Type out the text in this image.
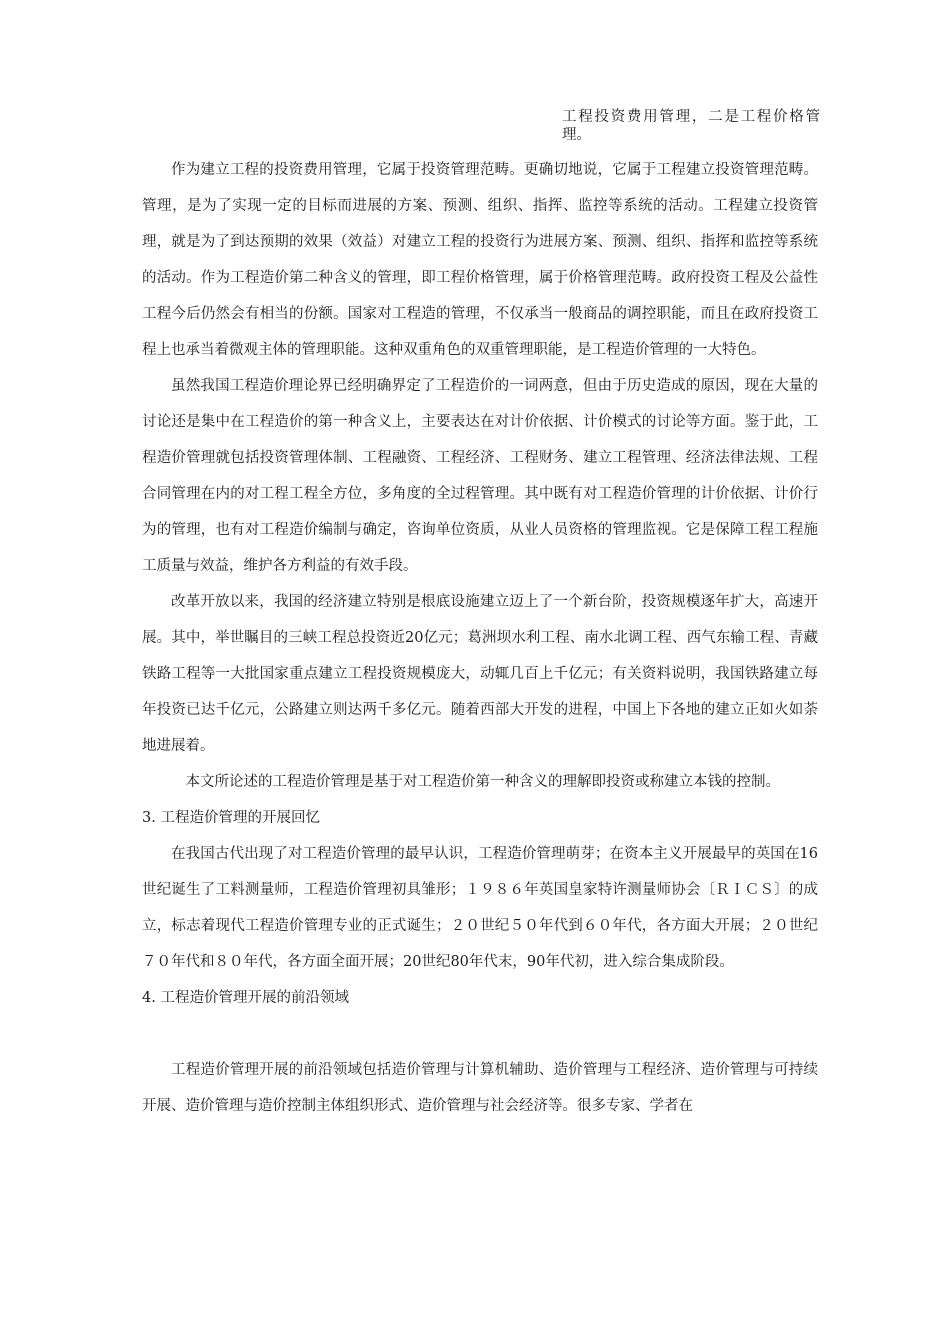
工程投资费用管理，二是工程价格管理。

作为建立工程的投资费用管理，它属于投资管理范畴。更确切地说，它属于工程建立投资管理范畴。管理，是为了实现一定的目标而进展的方案、预测、组织、指挥、监控等系统的活动。工程建立投资管理，就是为了到达预期的效果（效益）对建立工程的投资行为进展方案、预测、组织、指挥和监控等系统的活动。作为工程造价第二种含义的管理，即工程价格管理，属于价格管理范畴。政府投资工程及公益性工程今后仍然会有相当的份额。国家对工程造的管理，不仅承当一般商品的调控职能，而且在政府投资工程上也承当着微观主体的管理职能。这种双重角色的双重管理职能，是工程造价管理的一大特色。

虽然我国工程造价理论界已经明确界定了工程造价的一词两意，但由于历史造成的原因，现在大量的讨论还是集中在工程造价的第一种含义上，主要表达在对计价依据、计价模式的讨论等方面。鉴于此，工程造价管理就包括投资管理体制、工程融资、工程经济、工程财务、建立工程管理、经济法律法规、工程合同管理在内的对工程工程全方位，多角度的全过程管理。其中既有对工程造价管理的计价依据、计价行为的管理，也有对工程造价编制与确定，咨询单位资质，从业人员资格的管理监视。它是保障工程工程施工质量与效益，维护各方利益的有效手段。

改革开放以来，我国的经济建立特别是根底设施建立迈上了一个新台阶，投资规模逐年扩大，高速开展。其中，举世瞩目的三峡工程总投资近20亿元；葛洲坝水利工程、南水北调工程、西气东输工程、青藏铁路工程等一大批国家重点建立工程投资规模庞大，动辄几百上千亿元；有关资料说明，我国铁路建立每年投资已达千亿元，公路建立则达两千多亿元。随着西部大开发的进程，中国上下各地的建立正如火如荼地进展着。

本文所论述的工程造价管理是基于对工程造价第一种含义的理解即投资或称建立本钱的控制。

3. 工程造价管理的开展回忆

在我国古代出现了对工程造价管理的最早认识，工程造价管理萌芽；在资本主义开展最早的英国在16世纪诞生了工料测量师，工程造价管理初具雏形；１９８６年英国皇家特许测量师协会〔ＲＩＣＳ〕的成立，标志着现代工程造价管理专业的正式诞生；２０世纪５０年代到６０年代，各方面大开展；２０世纪７０年代和８０年代，各方面全面开展；20世纪80年代末，90年代初，进入综合集成阶段。

4. 工程造价管理开展的前沿领域

工程造价管理开展的前沿领域包括造价管理与计算机辅助、造价管理与工程经济、造价管理与可持续开展、造价管理与造价控制主体组织形式、造价管理与社会经济等。很多专家、学者在
